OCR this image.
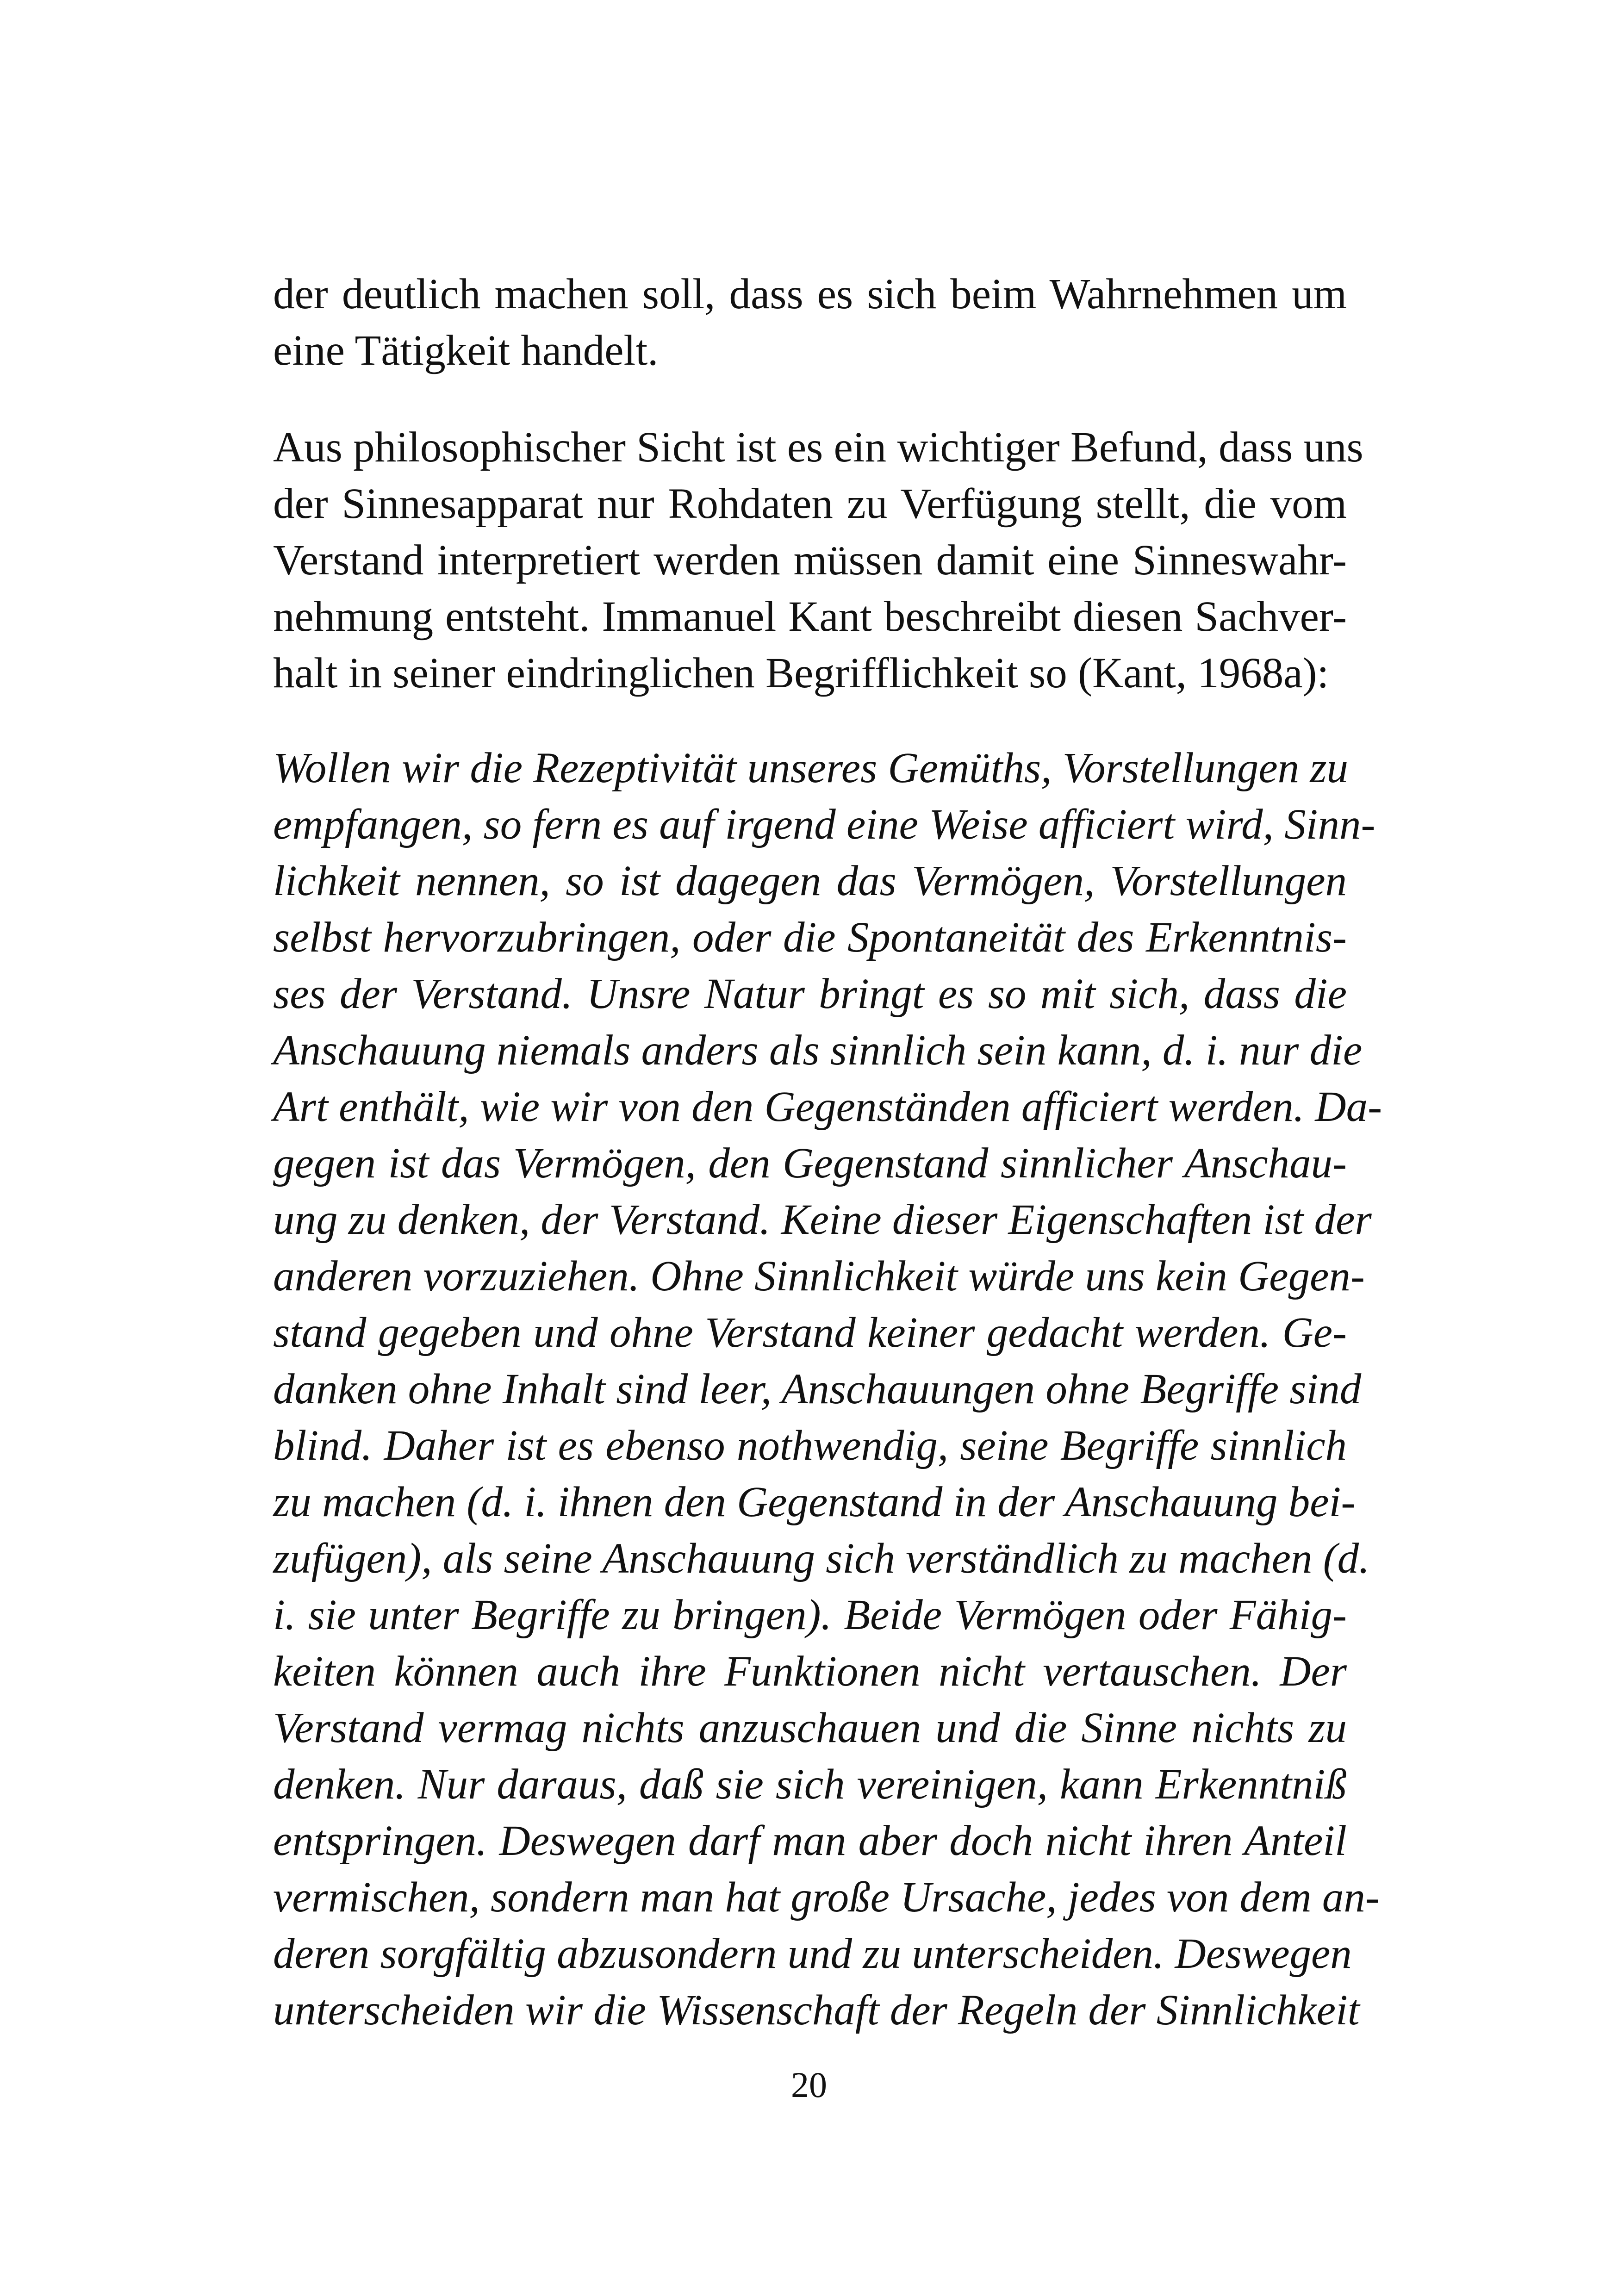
der deutlich machen soll, dass es sich beim Wahrnehmen um
eine Tätigkeit handelt.
Aus philosophischer Sicht ist es ein wichtiger Befund, dass uns
der Sinnesapparat nur Rohdaten zu Verfügung stellt, die vom
Verstand interpretiert werden müssen damit eine Sinneswahr-
nehmung entsteht. Immanuel Kant beschreibt diesen Sachver-
halt in seiner eindringlichen Begrifflichkeit so (Kant, 1968a):
Wollen wir die Rezeptivität unseres Gemüths, Vorstellungen zu
empfangen, so fern es auf irgend eine Weise afficiert wird, Sinn-
lichkeit nennen, so ist dagegen das Vermögen, Vorstellungen
selbst hervorzubringen, oder die Spontaneität des Erkenntnis-
ses der Verstand. Unsre Natur bringt es so mit sich, dass die
Anschauung niemals anders als sinnlich sein kann, d. i. nur die
Art enthält, wie wir von den Gegenständen afficiert werden. Da-
gegen ist das Vermögen, den Gegenstand sinnlicher Anschau-
ung zu denken, der Verstand. Keine dieser Eigenschaften ist der
anderen vorzuziehen. Ohne Sinnlichkeit würde uns kein Gegen-
stand gegeben und ohne Verstand keiner gedacht werden. Ge-
danken ohne Inhalt sind leer, Anschauungen ohne Begriffe sind
blind. Daher ist es ebenso nothwendig, seine Begriffe sinnlich
zu machen (d. i. ihnen den Gegenstand in der Anschauung bei-
zufügen), als seine Anschauung sich verständlich zu machen (d.
i. sie unter Begriffe zu bringen). Beide Vermögen oder Fähig-
keiten können auch ihre Funktionen nicht vertauschen. Der
Verstand vermag nichts anzuschauen und die Sinne nichts zu
denken. Nur daraus, daß sie sich vereinigen, kann Erkenntniß
entspringen. Deswegen darf man aber doch nicht ihren Anteil
vermischen, sondern man hat große Ursache, jedes von dem an-
deren sorgfältig abzusondern und zu unterscheiden. Deswegen
unterscheiden wir die Wissenschaft der Regeln der Sinnlichkeit
20
